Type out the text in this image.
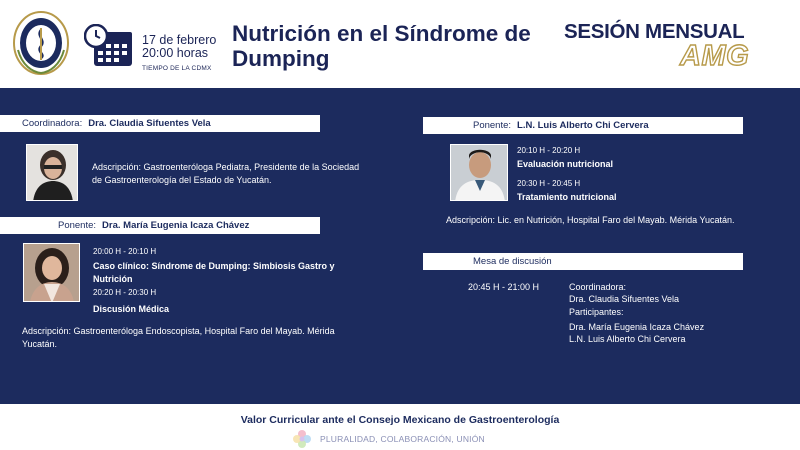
17 de febrero
20:00 horas
TIEMPO DE LA CDMX
Nutrición en el Síndrome de Dumping
SESIÓN MENSUAL
AMG
Coordinadora: Dra. Claudia Sifuentes Vela
Adscripción: Gastroenteróloga Pediatra, Presidente de la Sociedad de Gastroenterología del Estado de Yucatán.
Ponente: Dra. María Eugenia Icaza Chávez
20:00 H - 20:10 H
Caso clínico: Síndrome de Dumping: Simbiosis Gastro y Nutrición
20:20 H - 20:30 H
Discusión Médica
Adscripción: Gastroenteróloga Endoscopista, Hospital Faro del Mayab. Mérida Yucatán.
Ponente: L.N. Luis Alberto Chi Cervera
20:10 H - 20:20 H
Evaluación nutricional
20:30 H - 20:45 H
Tratamiento nutricional
Adscripción: Lic. en Nutrición, Hospital Faro del Mayab. Mérida Yucatán.
Mesa de discusión
20:45 H - 21:00 H	Coordinadora:
Dra. Claudia Sifuentes Vela
Participantes:
Dra. María Eugenia Icaza Chávez
L.N. Luis Alberto Chi Cervera
Valor Curricular ante el Consejo Mexicano de Gastroenterología
PLURALIDAD, COLABORACIÓN, UNIÓN
